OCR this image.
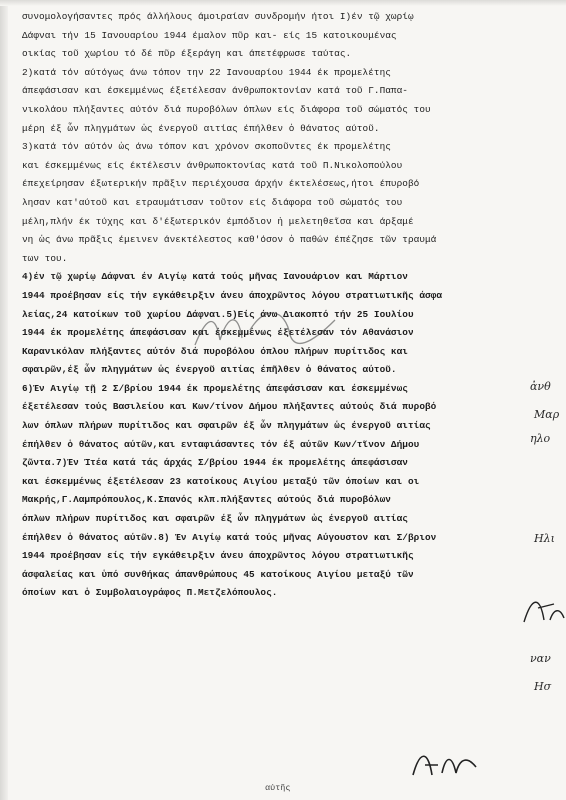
συνομολογήσαντες πρός άλλήλους άμοιραίαν συνδρομήν ήτοι Ι)έν τῷ χωρίῳ
Δάφναι τήν 15 Ιανουαρίου 1944 έμαλον πῦρ και- είς 15 κατοικουμένας
οικίας τοῦ χωρίου τό δέ πῦρ έξεράγη και άπετέφρωσε ταύτας.
2)κατά τόν αύτόγως άνω τόπον την 22 Ιανουαρίου 1944 έκ προμελέτης
άπεφάσισαν και έσκεμμένως έξετέλεσαν άνθρωποκτονίαν κατά τοῦ Γ.Παπα-
νικολάου πλήξαντες αύτόν διά πυροβόλων όπλων είς διάφορα τοῦ σώματός του
μέρη έξ ὧν πληγμάτων ὡς ένεργοῦ αιτίας έπήλθεν ὁ θάνατος αύτοῦ.
3)κατά τόν αύτόν ὡς άνω τόπον και χρόνον σκοποῦντες έκ προμελέτης
και έσκεμμένως είς έκτέλεσιν άνθρωποκτονίας κατά τοῦ Π.Νικολοπούλου
έπεχείρησαν έξωτερικήν πρᾶξιν περιέχουσα άρχήν έκτελέσεως,ήτοι έπυροβό
λησαν κατ'αύτοῦ και ετραυμάτισαν τοῦτον είς διάφορα τοῦ σώματός του
μέλη,πλήν έκ τύχης και δ'έξωτερικόν έμπόδιον ἡ μελετηθεῖσα και άρξαμέ
νη ὡς άνω πρᾶξις έμεινεν άνεκτέλεστος καθ'όσον ὁ παθών έπέζησε τῶν τραυμά
των του.
4)έν τῷ χωρίῳ Δάφναι έν Αιγίῳ κατά τούς μῆνας Ιανουάριον και Μάρτιον
1944 προέβησαν είς τήν εγκάθειρξιν άνευ άποχρῶντος λόγου στρατιωτικῆς άσφα
λείας,24 κατοίκων τοῦ χωρίου Δάφναι.5)Είς άνω Διακοπτό τήν 25 Ιουλίου
1944 έκ προμελέτης άπεφάσισαν και έσκεμμένως έξετέλεσαν τόν Αθανάσιον
Καρανικόλαν πλήξαντες αύτόν διά πυροβόλου όπλου πλήρων πυρίτιδος και
σφαιρῶν,έξ ὧν πληγμάτων ὡς ένεργοῦ αιτίας έπῆλθεν ὁ θάνατος αύτοῦ.
6)Έν Αιγίῳ τῇ 2 Σ/βρίου 1944 έκ προμελέτης άπεφάσισαν και έσκεμμένως
έξετέλεσαν τούς Βασιλείου και Κων/τίνον Δήμου πλήξαντες αύτούς διά πυροβό
λων όπλων πλήρων πυρίτιδος και σφαιρῶν έξ ὧν πληγμάτων ὡς ένεργοῦ αιτίας
έπήλθεν ὁ θάνατος αύτῶν,και ενταφιάσαντες τόν έξ αύτῶν Κων/τῖνον Δήμου
ζῶντα.7)Έν Ίτέα κατά τάς άρχάς Σ/βρίου 1944 έκ προμελέτης άπεφάσισαν
και έσκεμμένως έξετέλεσαν 23 κατοίκους Αιγίου μεταξύ τῶν όποίων και οι
Μακρής,Γ.Λαμπρόπουλος,Κ.Σπανός κλπ.πλήξαντες αύτούς διά πυροβόλων
όπλων πλήρων πυρίτιδος και σφαιρῶν έξ ὧν πληγμάτων ὡς ένεργοῦ αιτίας
έπήλθεν ὁ θάνατος αύτῶν.8) Έν Αιγίῳ κατά τούς μῆνας Αύγουστον και Σ/βριον
1944 προέβησαν είς τήν εγκάθειρξιν άνευ άποχρῶντος λόγου στρατιωτικῆς
άσφαλείας και ὑπό συνθήκας άπανθρώπους 45 κατοίκους Αιγίου μεταξύ τῶν
όποίων και ὁ Συμβολαιογράφος Π.Μετζελόπουλος.
ἀνθ
Μαρ
ηλο
Ηλι
ναν
Ησ
αύτῆς
